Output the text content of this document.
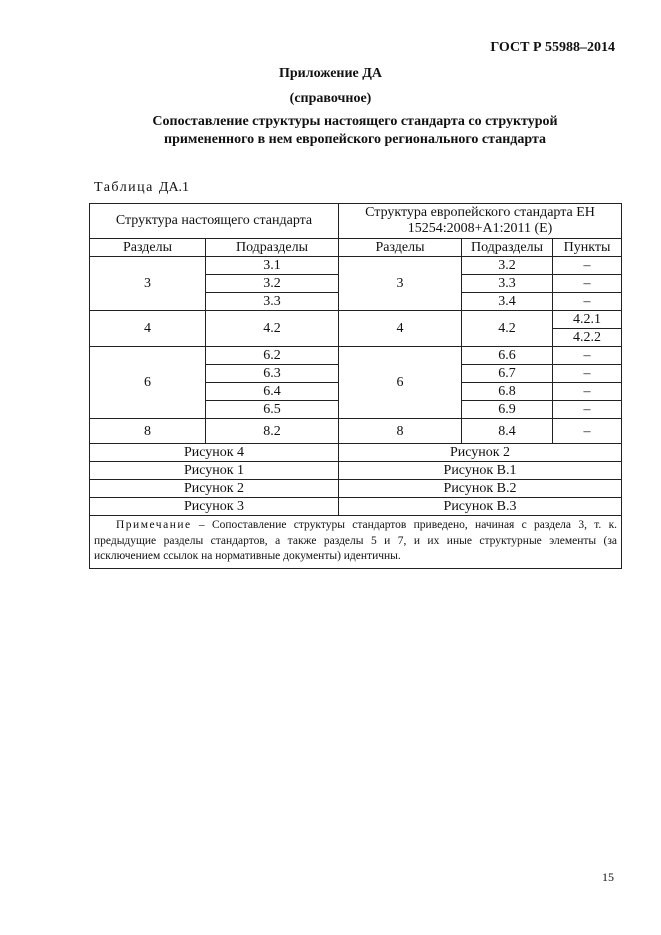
ГОСТ Р 55988–2014
Приложение ДА
(справочное)
Сопоставление структуры настоящего стандарта со структурой
примененного в нем европейского регионального стандарта
Таблица ДА.1
Структура настоящего стандарта		Структура европейского стандарта ЕН 15254:2008+А1:2011 (Е)		
Разделы	Подразделы	Разделы	Подразделы	Пункты
3	3.1	3	3.2	–
	3.2		3.3	–
	3.3		3.4	–
4	4.2	4	4.2	4.2.1
				4.2.2
6	6.2	6	6.6	–
	6.3		6.7	–
	6.4		6.8	–
	6.5		6.9	–
8	8.2	8	8.4	–
Рисунок 4		Рисунок 2		
Рисунок 1		Рисунок В.1		
Рисунок 2		Рисунок В.2		
Рисунок 3		Рисунок В.3		
Примечание – Сопоставление структуры стандартов приведено, начиная с раздела 3, т. к. предыдущие разделы стандартов, а также разделы 5 и 7, и их иные структурные элементы (за исключением ссылок на нормативные документы) идентичны.				
15
